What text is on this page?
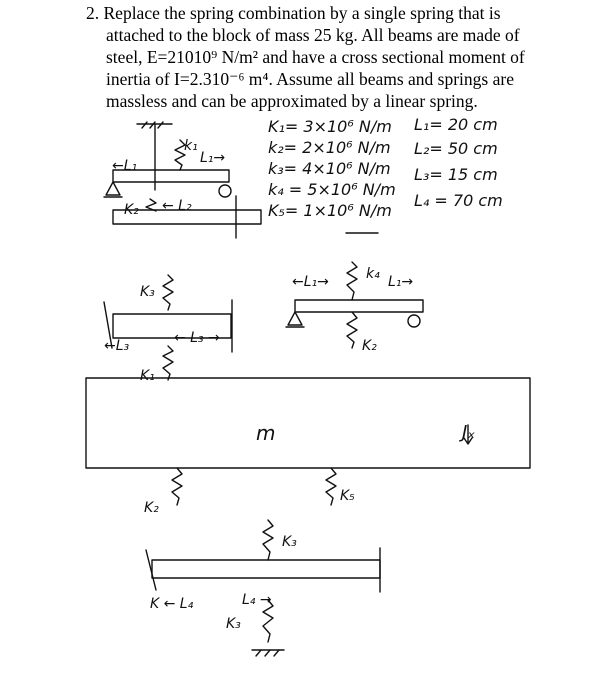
2. Replace the spring combination by a single spring that is
attached to the block of mass 25 kg. All beams are made of
steel, E=21010⁹ N/m² and have a cross sectional moment of
inertia of I=2.310⁻⁶ m⁴. Assume all beams and springs are
massless and can be approximated by a linear spring.
K₁= 3×10⁶ N/m
k₂= 2×10⁶ N/m
k₃= 4×10⁶ N/m
k₄ = 5×10⁶ N/m
K₅= 1×10⁶ N/m
L₁= 20 cm
L₂= 50 cm
L₃= 15 cm
L₄ = 70 cm
←L₁
k₁
L₁→
K₂ ← L₂
←L₁→	k₄ L₁→
K₂
K₃
←L₃	← L₃ →
K₁
m	Jₓ
K₂
K₅
K₃
K ← L₄	L₄ →
K₃
